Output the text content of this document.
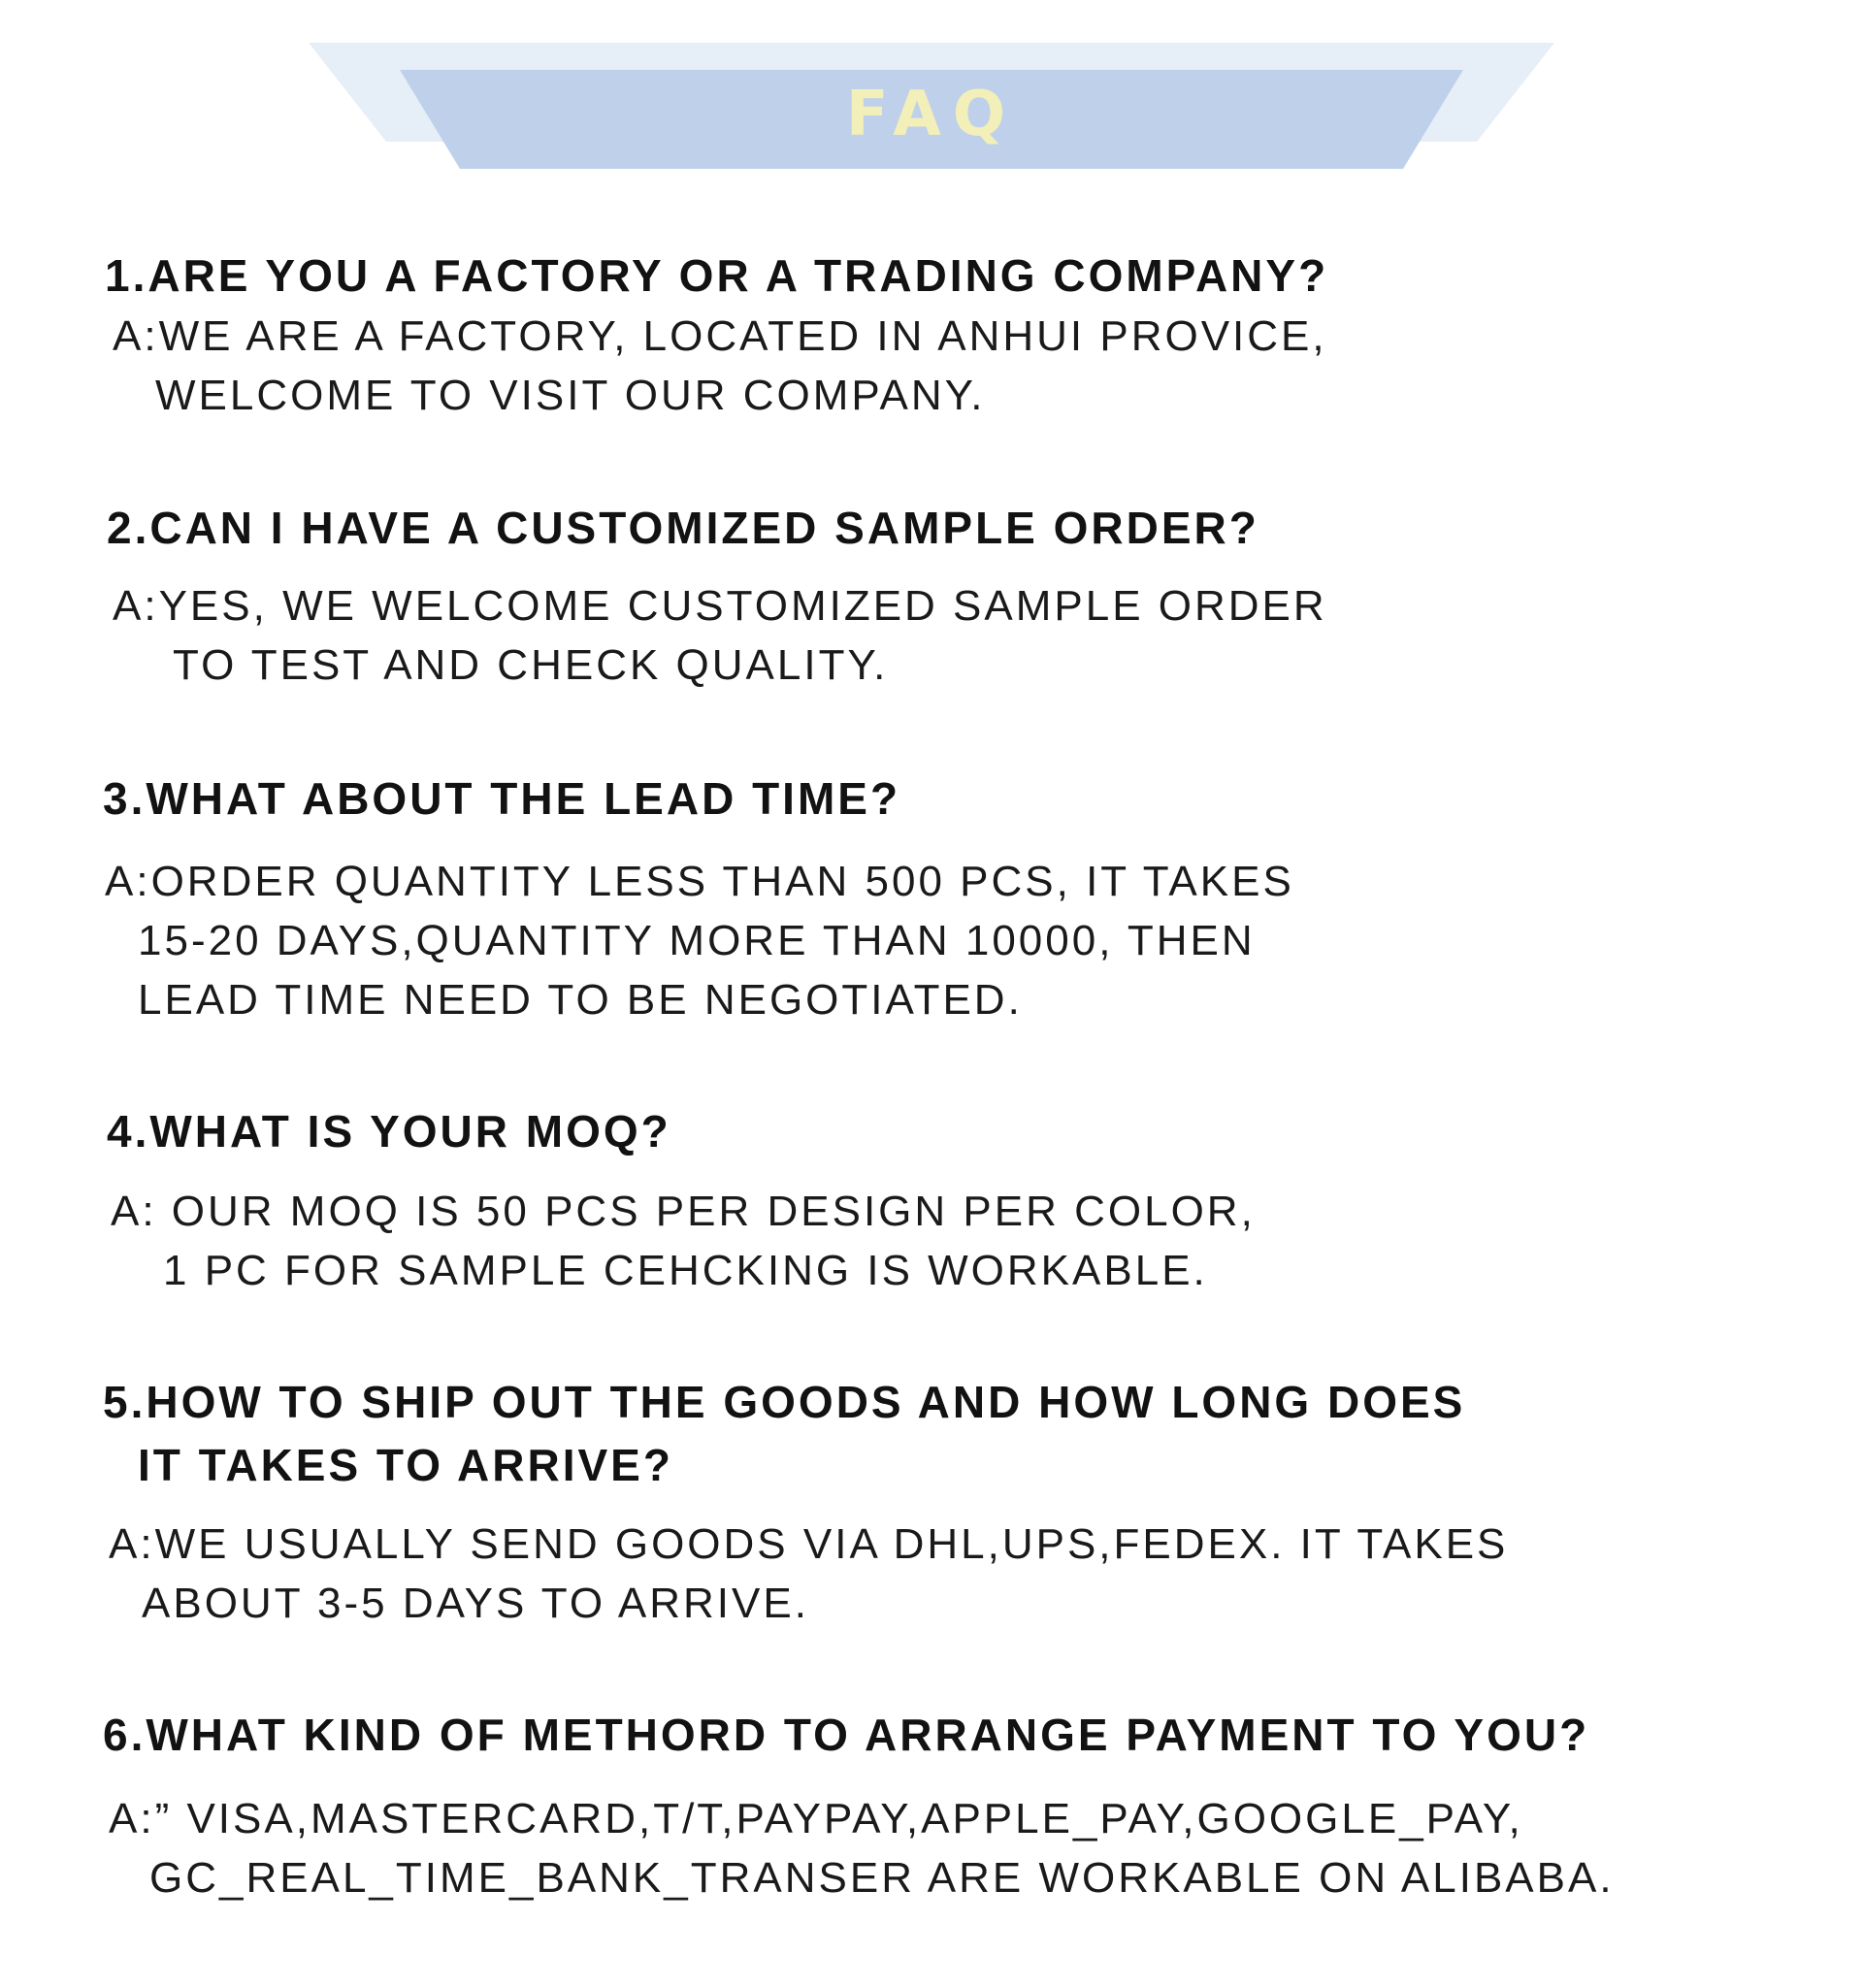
FAQ
1.ARE YOU A FACTORY OR A TRADING COMPANY?
A:WE ARE A FACTORY, LOCATED IN ANHUI PROVICE,
WELCOME TO VISIT OUR COMPANY.
2.CAN I HAVE A CUSTOMIZED SAMPLE ORDER?
A:YES, WE WELCOME CUSTOMIZED SAMPLE ORDER
TO TEST AND CHECK QUALITY.
3.WHAT ABOUT THE LEAD TIME?
A:ORDER QUANTITY LESS THAN 500 PCS, IT TAKES
15-20 DAYS,QUANTITY MORE THAN 10000, THEN
LEAD TIME NEED TO BE NEGOTIATED.
4.WHAT IS YOUR MOQ?
A: OUR MOQ IS 50 PCS PER DESIGN PER COLOR,
1 PC FOR SAMPLE CEHCKING IS WORKABLE.
5.HOW TO SHIP OUT THE GOODS AND HOW LONG DOES
IT TAKES TO ARRIVE?
A:WE USUALLY SEND GOODS VIA DHL,UPS,FEDEX. IT TAKES
ABOUT 3-5 DAYS TO ARRIVE.
6.WHAT KIND OF METHORD TO ARRANGE PAYMENT TO YOU?
A:” VISA,MASTERCARD,T/T,PAYPAY,APPLE_PAY,GOOGLE_PAY,
GC_REAL_TIME_BANK_TRANSER ARE WORKABLE ON ALIBABA.
